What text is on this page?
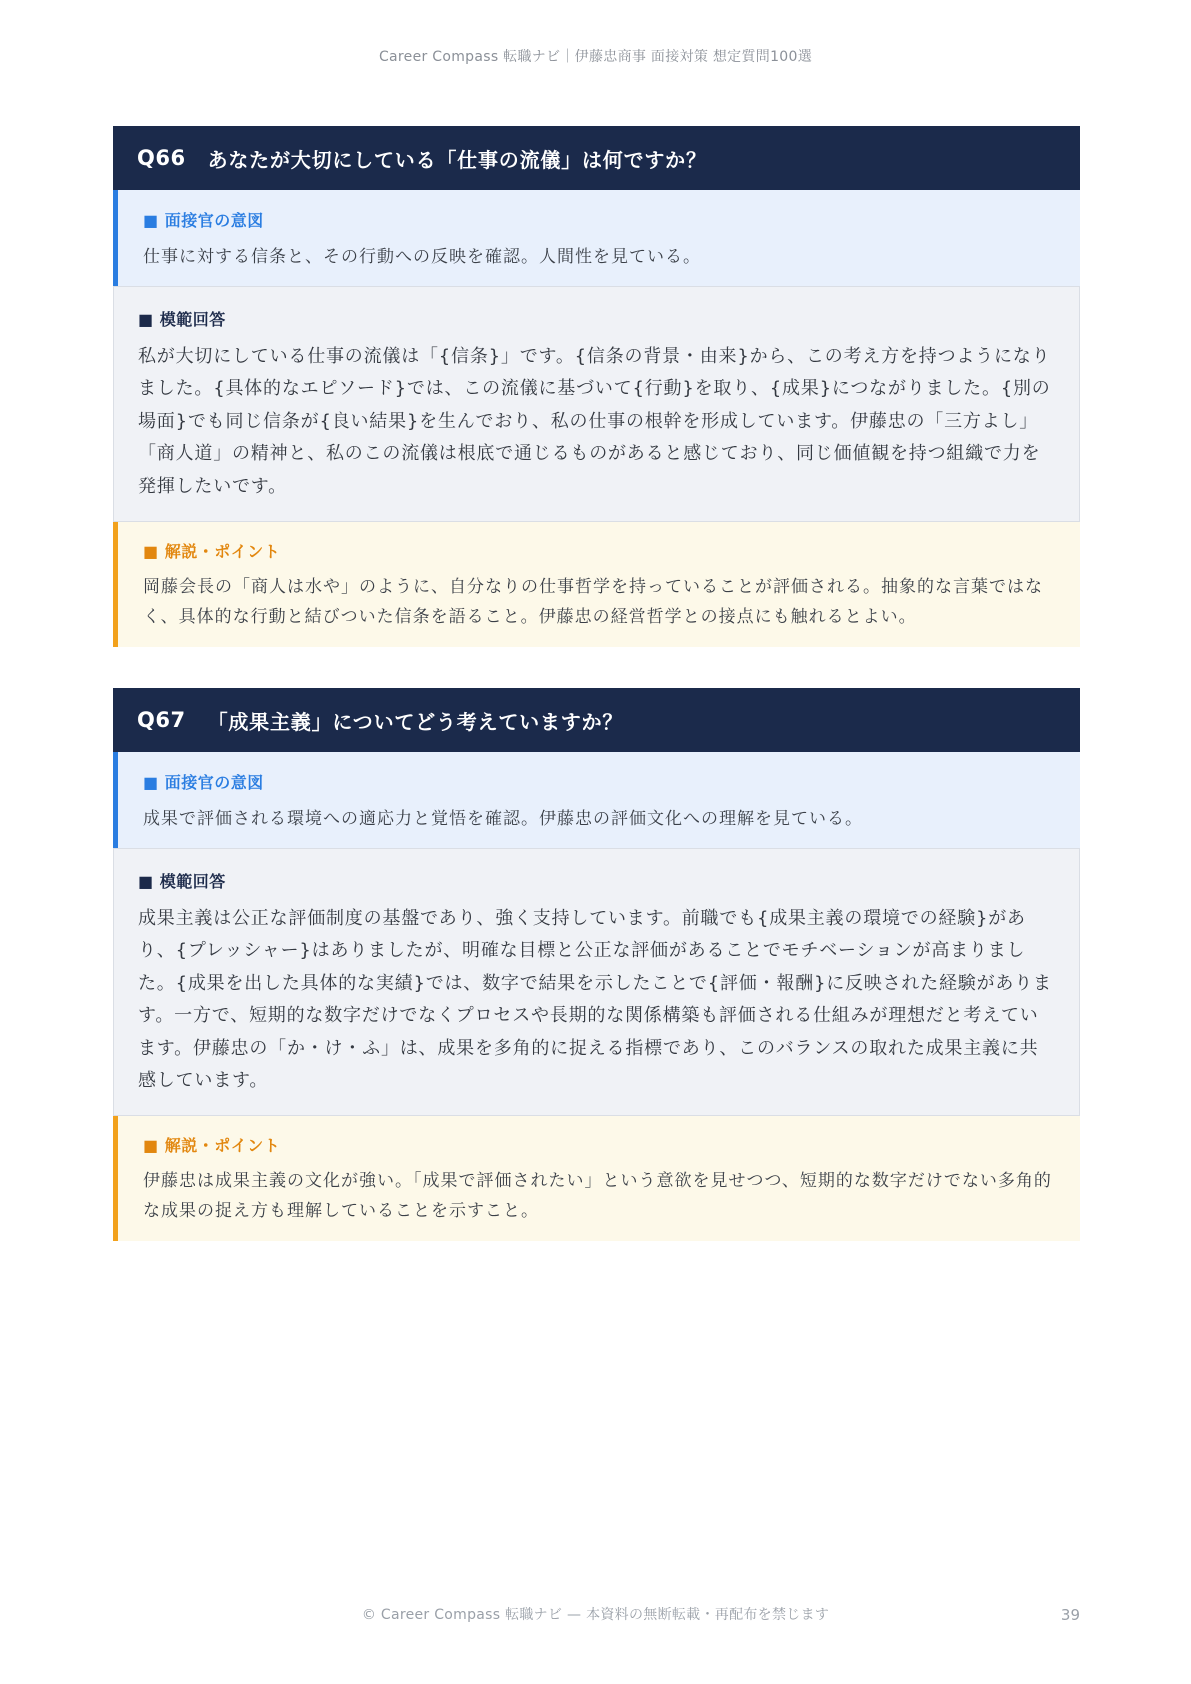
Career Compass 転職ナビ｜伊藤忠商事 面接対策 想定質問100選
Q66 あなたが大切にしている「仕事の流儀」は何ですか？
■ 面接官の意図
仕事に対する信条と、その行動への反映を確認。人間性を見ている。
■ 模範回答
私が大切にしている仕事の流儀は「{信条}」です。{信条の背景・由来}から、この考え方を持つようになりました。{具体的なエピソード}では、この流儀に基づいて{行動}を取り、{成果}につながりました。{別の場面}でも同じ信条が{良い結果}を生んでおり、私の仕事の根幹を形成しています。伊藤忠の「三方よし」「商人道」の精神と、私のこの流儀は根底で通じるものがあると感じており、同じ価値観を持つ組織で力を発揮したいです。
■ 解説・ポイント
岡藤会長の「商人は水や」のように、自分なりの仕事哲学を持っていることが評価される。抽象的な言葉ではなく、具体的な行動と結びついた信条を語ること。伊藤忠の経営哲学との接点にも触れるとよい。
Q67 「成果主義」についてどう考えていますか？
■ 面接官の意図
成果で評価される環境への適応力と覚悟を確認。伊藤忠の評価文化への理解を見ている。
■ 模範回答
成果主義は公正な評価制度の基盤であり、強く支持しています。前職でも{成果主義の環境での経験}があり、{プレッシャー}はありましたが、明確な目標と公正な評価があることでモチベーションが高まりました。{成果を出した具体的な実績}では、数字で結果を示したことで{評価・報酬}に反映された経験があります。一方で、短期的な数字だけでなくプロセスや長期的な関係構築も評価される仕組みが理想だと考えています。伊藤忠の「か・け・ふ」は、成果を多角的に捉える指標であり、このバランスの取れた成果主義に共感しています。
■ 解説・ポイント
伊藤忠は成果主義の文化が強い。「成果で評価されたい」という意欲を見せつつ、短期的な数字だけでない多角的な成果の捉え方も理解していることを示すこと。
© Career Compass 転職ナビ — 本資料の無断転載・再配布を禁じます	39
